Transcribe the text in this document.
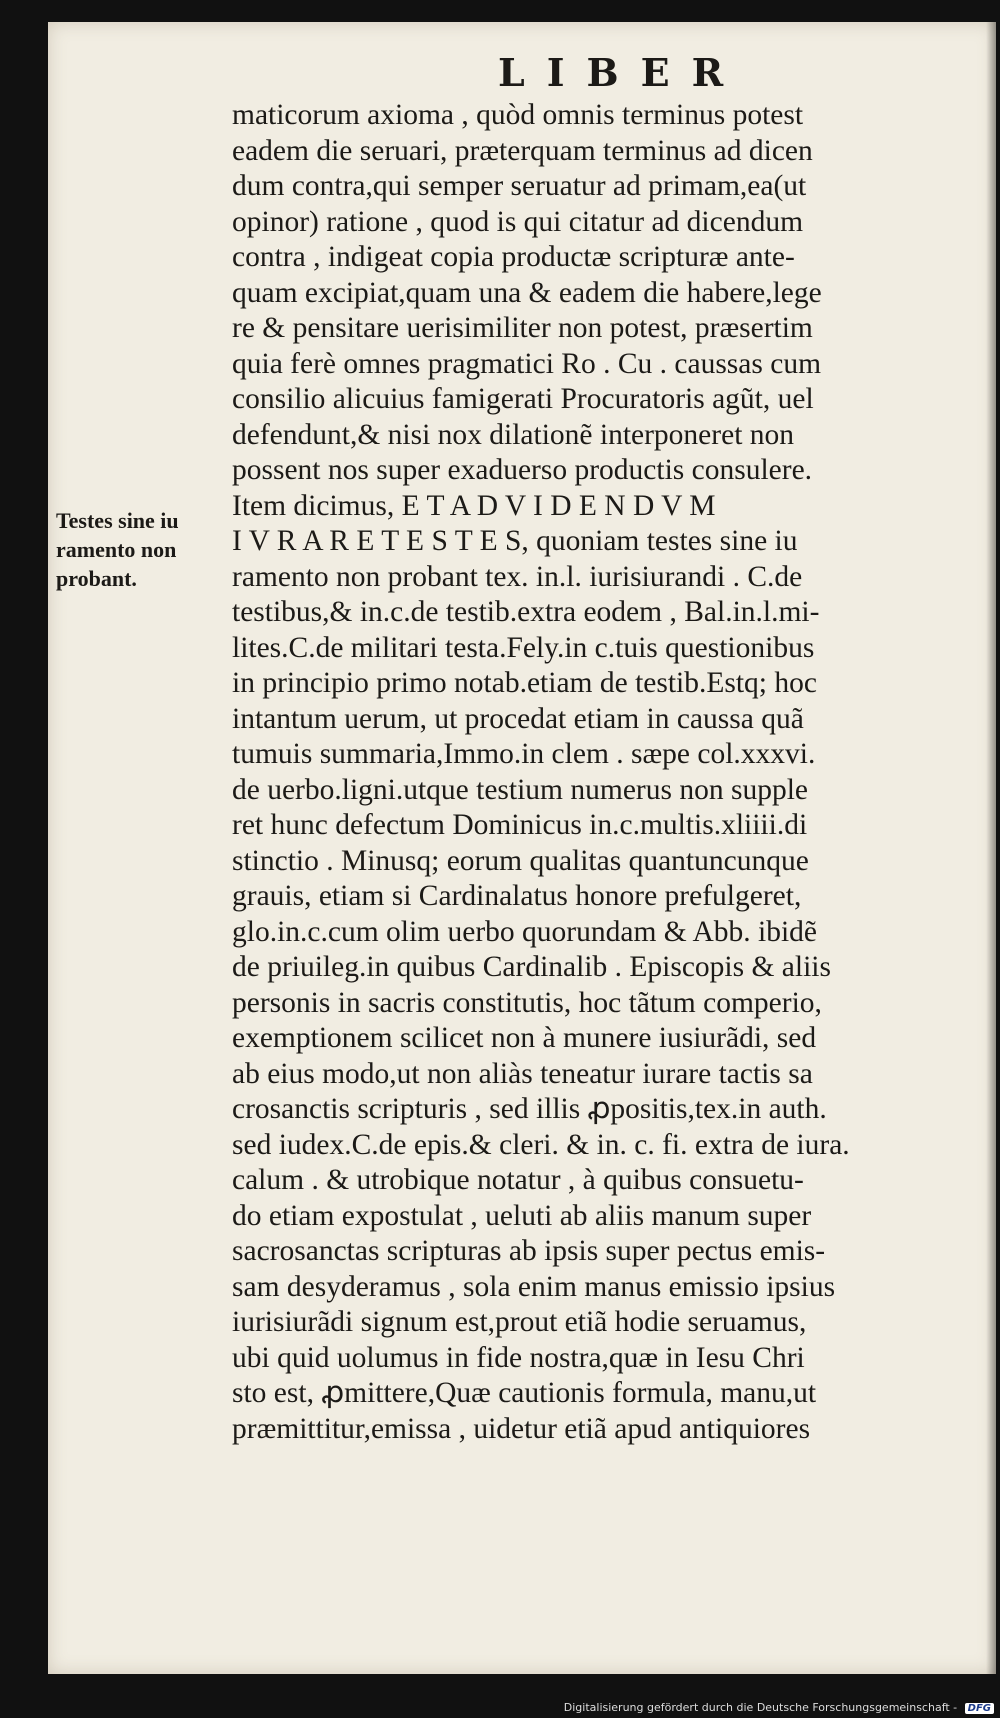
LIBER
Testes sine iu
ramento non
probant.
maticorum axioma , quòd omnis terminus potest
eadem die seruari, præterquam terminus ad dicen
dum contra,qui semper seruatur ad primam,ea(ut
opinor) ratione , quod is qui citatur ad dicendum
contra , indigeat copia productæ scripturæ ante-
quam excipiat,quam una & eadem die habere,lege
re & pensitare uerisimiliter non potest, præsertim
quia ferè omnes pragmatici Ro . Cu . caussas cum
consilio alicuius famigerati Procuratoris agũt, uel
defendunt,& nisi nox dilationẽ interponeret non
possent nos super exaduerso productis consulere.
Item dicimus, E T A D V I D E N D V M
I V R A R E T E S T E S, quoniam testes sine iu
ramento non probant tex. in.l. iurisiurandi . C.de
testibus,& in.c.de testib.extra eodem , Bal.in.l.mi-
lites.C.de militari testa.Fely.in c.tuis questionibus
in principio primo notab.etiam de testib.Estq; hoc
intantum uerum, ut procedat etiam in caussa quã
tumuis summaria,Immo.in clem . sæpe col.xxxvi.
de uerbo.ligni.utque testium numerus non supple
ret hunc defectum Dominicus in.c.multis.xliiii.di
stinctio . Minusq; eorum qualitas quantuncunque
grauis, etiam si Cardinalatus honore prefulgeret,
glo.in.c.cum olim uerbo quorundam & Abb. ibidẽ
de priuileg.in quibus Cardinalib . Episcopis & aliis
personis in sacris constitutis, hoc tãtum comperio,
exemptionem scilicet non à munere iusiurãdi, sed
ab eius modo,ut non aliàs teneatur iurare tactis sa
crosanctis scripturis , sed illis ꝓpositis,tex.in auth.
sed iudex.C.de epis.& cleri. & in. c. fi. extra de iura.
calum . & utrobique notatur , à quibus consuetu-
do etiam expostulat , ueluti ab aliis manum super
sacrosanctas scripturas ab ipsis super pectus emis-
sam desyderamus , sola enim manus emissio ipsius
iurisiurãdi signum est,prout etiã hodie seruamus,
ubi quid uolumus in fide nostra,quæ in Iesu Chri
sto est, ꝓmittere,Quæ cautionis formula, manu,ut
præmittitur,emissa , uidetur etiã apud antiquiores
Digitalisierung gefördert durch die Deutsche Forschungsgemeinschaft - DFG
